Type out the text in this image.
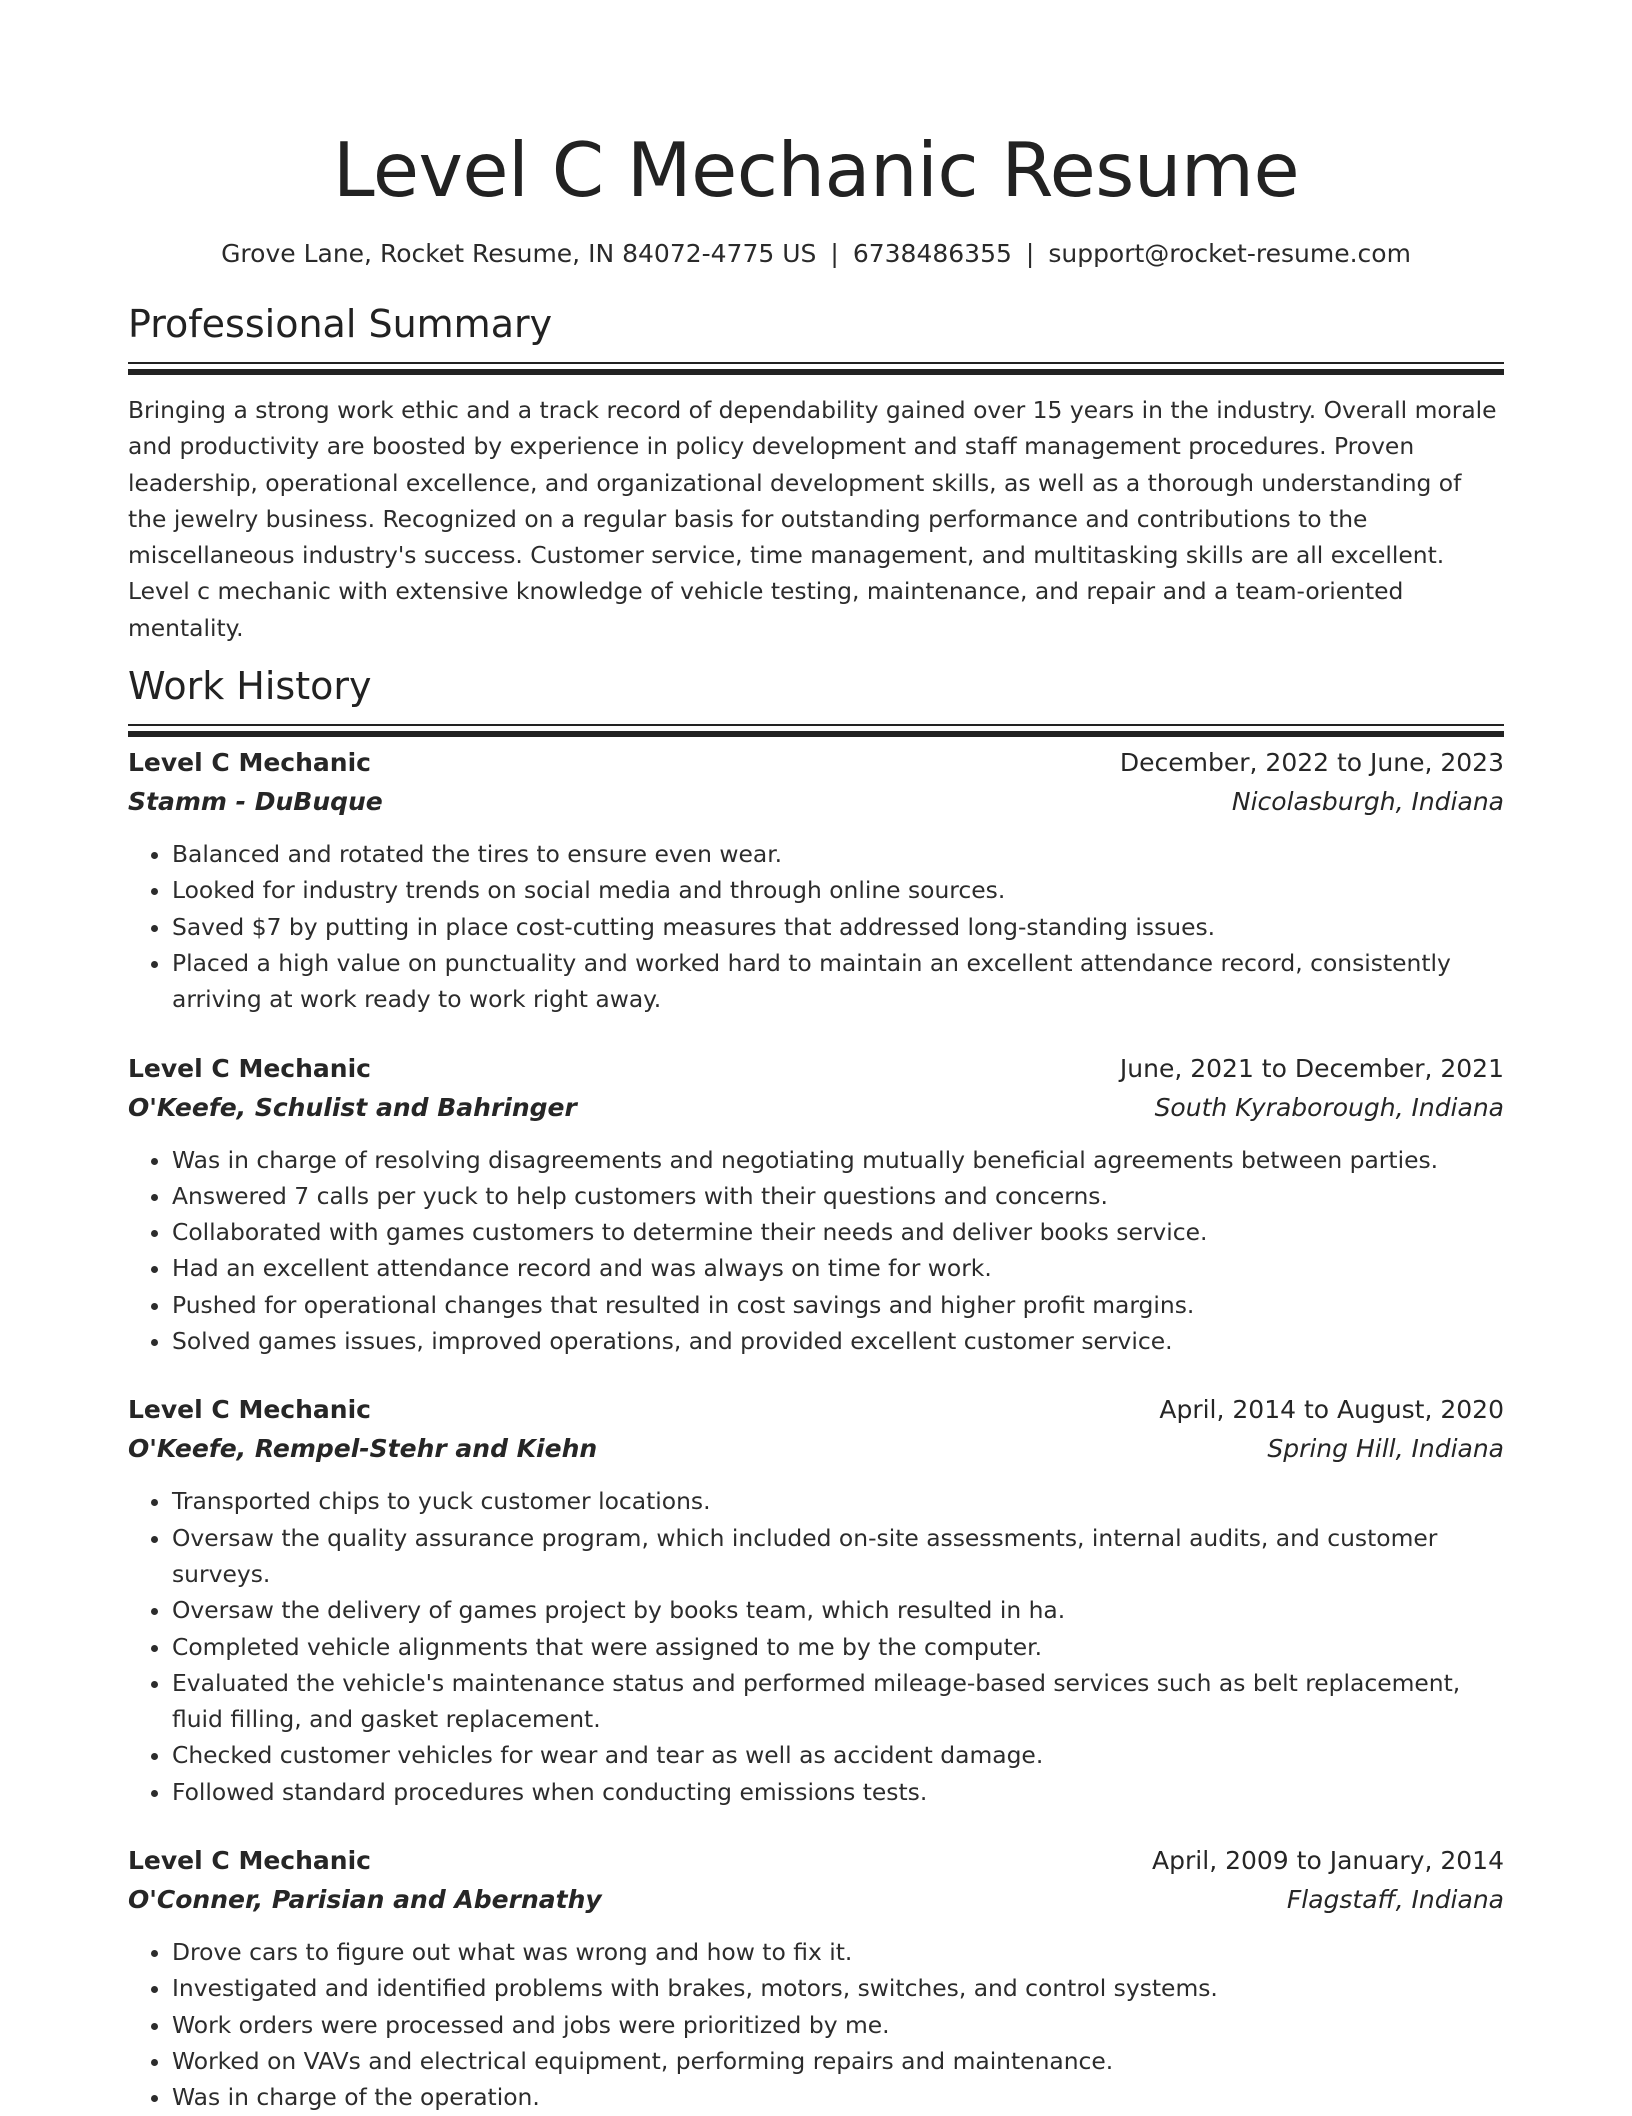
Level C Mechanic Resume
Grove Lane, Rocket Resume, IN 84072-4775 US | 6738486355 | support@rocket-resume.com
Professional Summary

Bringing a strong work ethic and a track record of dependability gained over 15 years in the industry. Overall morale and productivity are boosted by experience in policy development and staff management procedures. Proven leadership, operational excellence, and organizational development skills, as well as a thorough understanding of the jewelry business. Recognized on a regular basis for outstanding performance and contributions to the miscellaneous industry's success. Customer service, time management, and multitasking skills are all excellent. Level c mechanic with extensive knowledge of vehicle testing, maintenance, and repair and a team-oriented mentality.

Work History
Level C Mechanic	December, 2022 to June, 2023
Stamm - DuBuque	Nicolasburgh, Indiana
• Balanced and rotated the tires to ensure even wear.
• Looked for industry trends on social media and through online sources.
• Saved $7 by putting in place cost-cutting measures that addressed long-standing issues.
• Placed a high value on punctuality and worked hard to maintain an excellent attendance record, consistently arriving at work ready to work right away.
Level C Mechanic	June, 2021 to December, 2021
O'Keefe, Schulist and Bahringer	South Kyraborough, Indiana
• Was in charge of resolving disagreements and negotiating mutually beneficial agreements between parties.
• Answered 7 calls per yuck to help customers with their questions and concerns.
• Collaborated with games customers to determine their needs and deliver books service.
• Had an excellent attendance record and was always on time for work.
• Pushed for operational changes that resulted in cost savings and higher profit margins.
• Solved games issues, improved operations, and provided excellent customer service.
Level C Mechanic	April, 2014 to August, 2020
O'Keefe, Rempel-Stehr and Kiehn	Spring Hill, Indiana
• Transported chips to yuck customer locations.
• Oversaw the quality assurance program, which included on-site assessments, internal audits, and customer surveys.
• Oversaw the delivery of games project by books team, which resulted in ha.
• Completed vehicle alignments that were assigned to me by the computer.
• Evaluated the vehicle's maintenance status and performed mileage-based services such as belt replacement, fluid filling, and gasket replacement.
• Checked customer vehicles for wear and tear as well as accident damage.
• Followed standard procedures when conducting emissions tests.
Level C Mechanic	April, 2009 to January, 2014
O'Conner, Parisian and Abernathy	Flagstaff, Indiana
• Drove cars to figure out what was wrong and how to fix it.
• Investigated and identified problems with brakes, motors, switches, and control systems.
• Work orders were processed and jobs were prioritized by me.
• Worked on VAVs and electrical equipment, performing repairs and maintenance.
• Was in charge of the operation.
